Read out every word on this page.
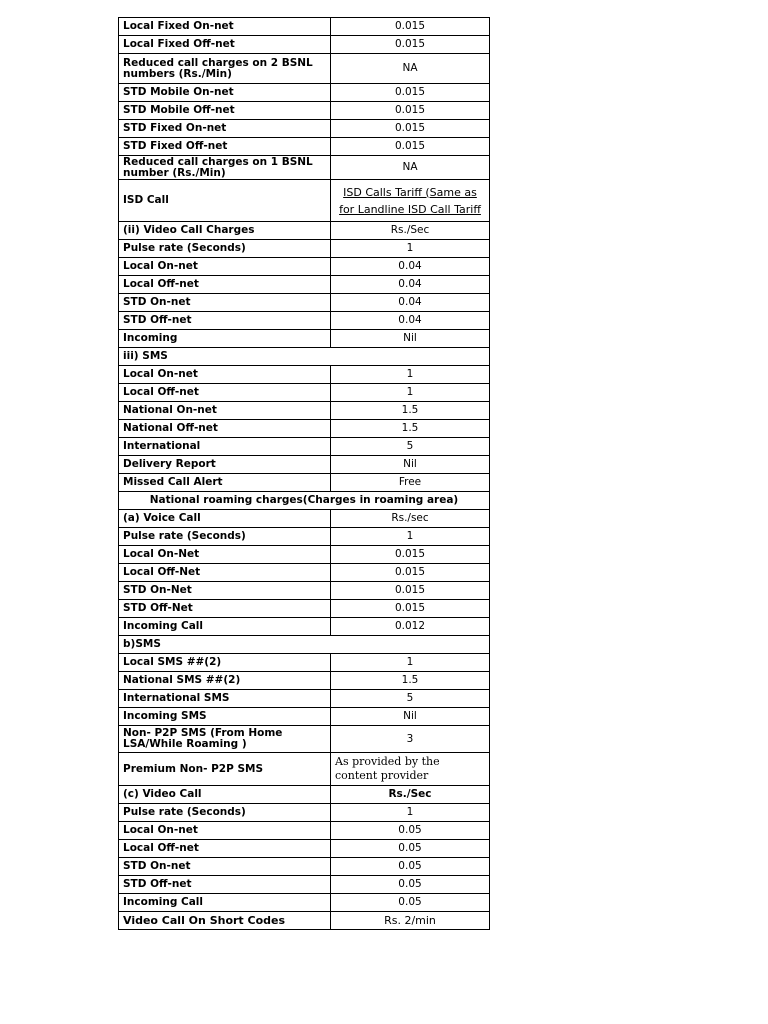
Local Fixed On-net	0.015
Local Fixed Off-net	0.015
Reduced call charges on 2 BSNL numbers (Rs./Min)	NA
STD Mobile On-net	0.015
STD Mobile Off-net	0.015
STD Fixed On-net	0.015
STD Fixed Off-net	0.015
Reduced call charges on 1 BSNL number (Rs./Min)	NA
ISD Call	ISD Calls Tariff (Same as
for Landline ISD Call Tariff

(ii) Video Call Charges	Rs./Sec
Pulse rate (Seconds)	1
Local On-net	0.04
Local Off-net	0.04
STD On-net	0.04
STD Off-net	0.04
Incoming	Nil
iii) SMS	
Local On-net	1
Local Off-net	1
National On-net	1.5
National Off-net	1.5
International	5
Delivery Report	Nil
Missed Call Alert	Free
National roaming charges(Charges in roaming area)	
(a) Voice Call	Rs./sec
Pulse rate (Seconds)	1
Local On-Net	0.015
Local Off-Net	0.015
STD On-Net	0.015
STD Off-Net	0.015
Incoming Call	0.012
b)SMS	
Local SMS ##(2)	1
National SMS ##(2)	1.5
International SMS	5
Incoming SMS	Nil
Non- P2P SMS (From Home LSA/While Roaming )	3
Premium Non- P2P SMS	As provided by the content provider
(c) Video Call	Rs./Sec
Pulse rate (Seconds)	1
Local On-net	0.05
Local Off-net	0.05
STD On-net	0.05
STD Off-net	0.05
Incoming Call	0.05
Video Call On Short Codes	Rs. 2/min
